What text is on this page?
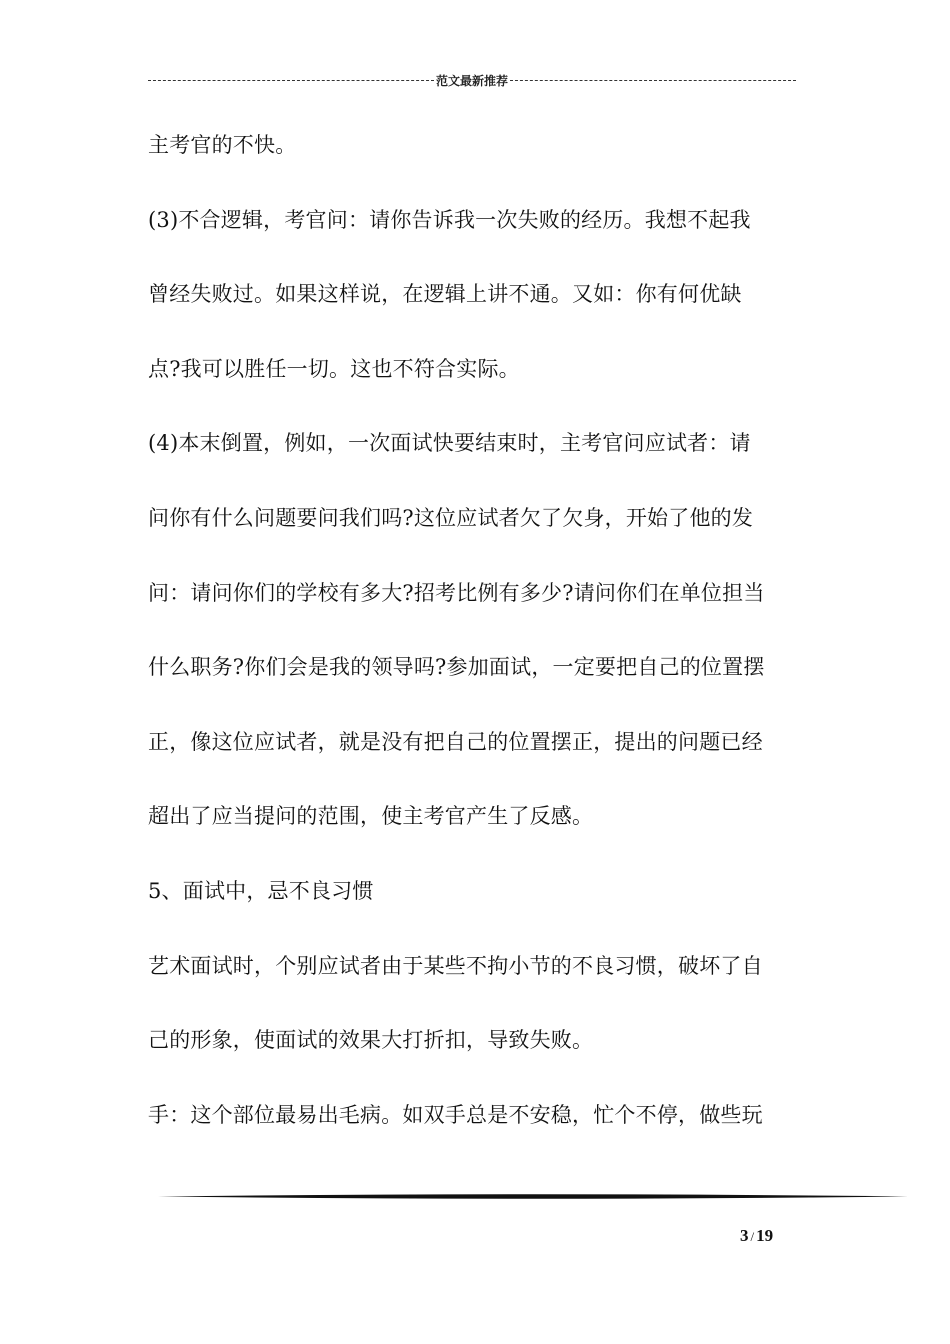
范文最新推荐
主考官的不快。
(3)不合逻辑，考官问：请你告诉我一次失败的经历。我想不起我
曾经失败过。如果这样说，在逻辑上讲不通。又如：你有何优缺
点?我可以胜任一切。这也不符合实际。
(4)本末倒置，例如，一次面试快要结束时，主考官问应试者：请
问你有什么问题要问我们吗?这位应试者欠了欠身，开始了他的发
问：请问你们的学校有多大?招考比例有多少?请问你们在单位担当
什么职务?你们会是我的领导吗?参加面试，一定要把自己的位置摆
正，像这位应试者，就是没有把自己的位置摆正，提出的问题已经
超出了应当提问的范围，使主考官产生了反感。
5、面试中，忌不良习惯
艺术面试时，个别应试者由于某些不拘小节的不良习惯，破坏了自
己的形象，使面试的效果大打折扣，导致失败。
手：这个部位最易出毛病。如双手总是不安稳，忙个不停，做些玩
3 / 19
